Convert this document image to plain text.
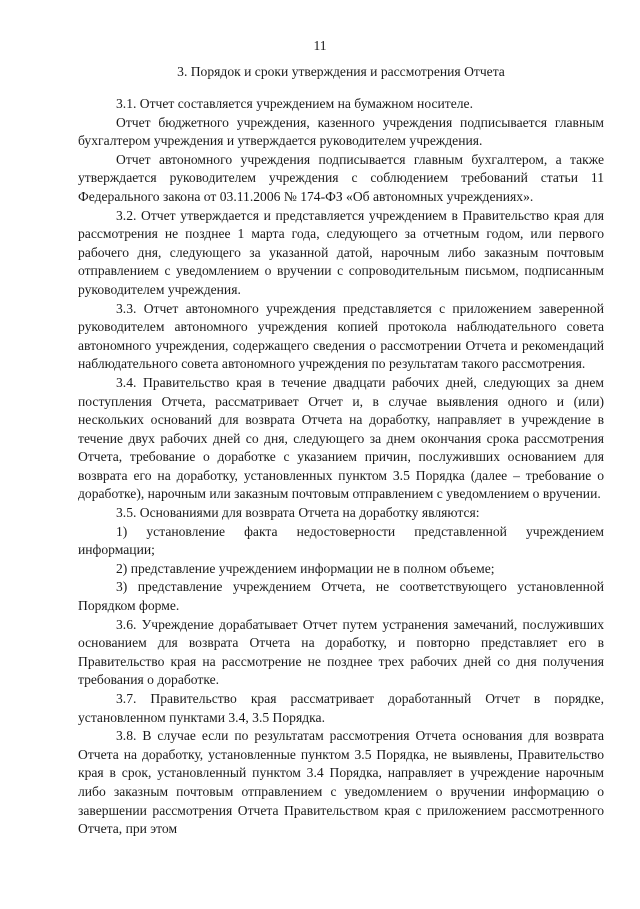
11
3. Порядок и сроки утверждения и рассмотрения Отчета

3.1. Отчет составляется учреждением на бумажном носителе.

Отчет бюджетного учреждения, казенного учреждения подписывается главным бухгалтером учреждения и утверждается руководителем учреждения.

Отчет автономного учреждения подписывается главным бухгалтером, а также утверждается руководителем учреждения с соблюдением требований статьи 11 Федерального закона от 03.11.2006 № 174-ФЗ «Об автономных учреждениях».

3.2. Отчет утверждается и представляется учреждением в Правительство края для рассмотрения не позднее 1 марта года, следующего за отчетным годом, или первого рабочего дня, следующего за указанной датой, нарочным либо заказным почтовым отправлением с уведомлением о вручении с сопроводительным письмом, подписанным руководителем учреждения.

3.3. Отчет автономного учреждения представляется с приложением заверенной руководителем автономного учреждения копией протокола наблюдательного совета автономного учреждения, содержащего сведения о рассмотрении Отчета и рекомендаций наблюдательного совета автономного учреждения по результатам такого рассмотрения.

3.4. Правительство края в течение двадцати рабочих дней, следующих за днем поступления Отчета, рассматривает Отчет и, в случае выявления одного и (или) нескольких оснований для возврата Отчета на доработку, направляет в учреждение в течение двух рабочих дней со дня, следующего за днем окончания срока рассмотрения Отчета, требование о доработке с указанием причин, послуживших основанием для возврата его на доработку, установленных пунктом 3.5 Порядка (далее – требование о доработке), нарочным или заказным почтовым отправлением с уведомлением о вручении.

3.5. Основаниями для возврата Отчета на доработку являются:

1) установление факта недостоверности представленной учреждением информации;

2) представление учреждением информации не в полном объеме;

3) представление учреждением Отчета, не соответствующего установленной Порядком форме.

3.6. Учреждение дорабатывает Отчет путем устранения замечаний, послуживших основанием для возврата Отчета на доработку, и повторно представляет его в Правительство края на рассмотрение не позднее трех рабочих дней со дня получения требования о доработке.

3.7. Правительство края рассматривает доработанный Отчет в порядке, установленном пунктами 3.4, 3.5 Порядка.

3.8. В случае если по результатам рассмотрения Отчета основания для возврата Отчета на доработку, установленные пунктом 3.5 Порядка, не выявлены, Правительство края в срок, установленный пунктом 3.4 Порядка, направляет в учреждение нарочным либо заказным почтовым отправлением с уведомлением о вручении информацию о завершении рассмотрения Отчета Правительством края с приложением рассмотренного Отчета, при этом
